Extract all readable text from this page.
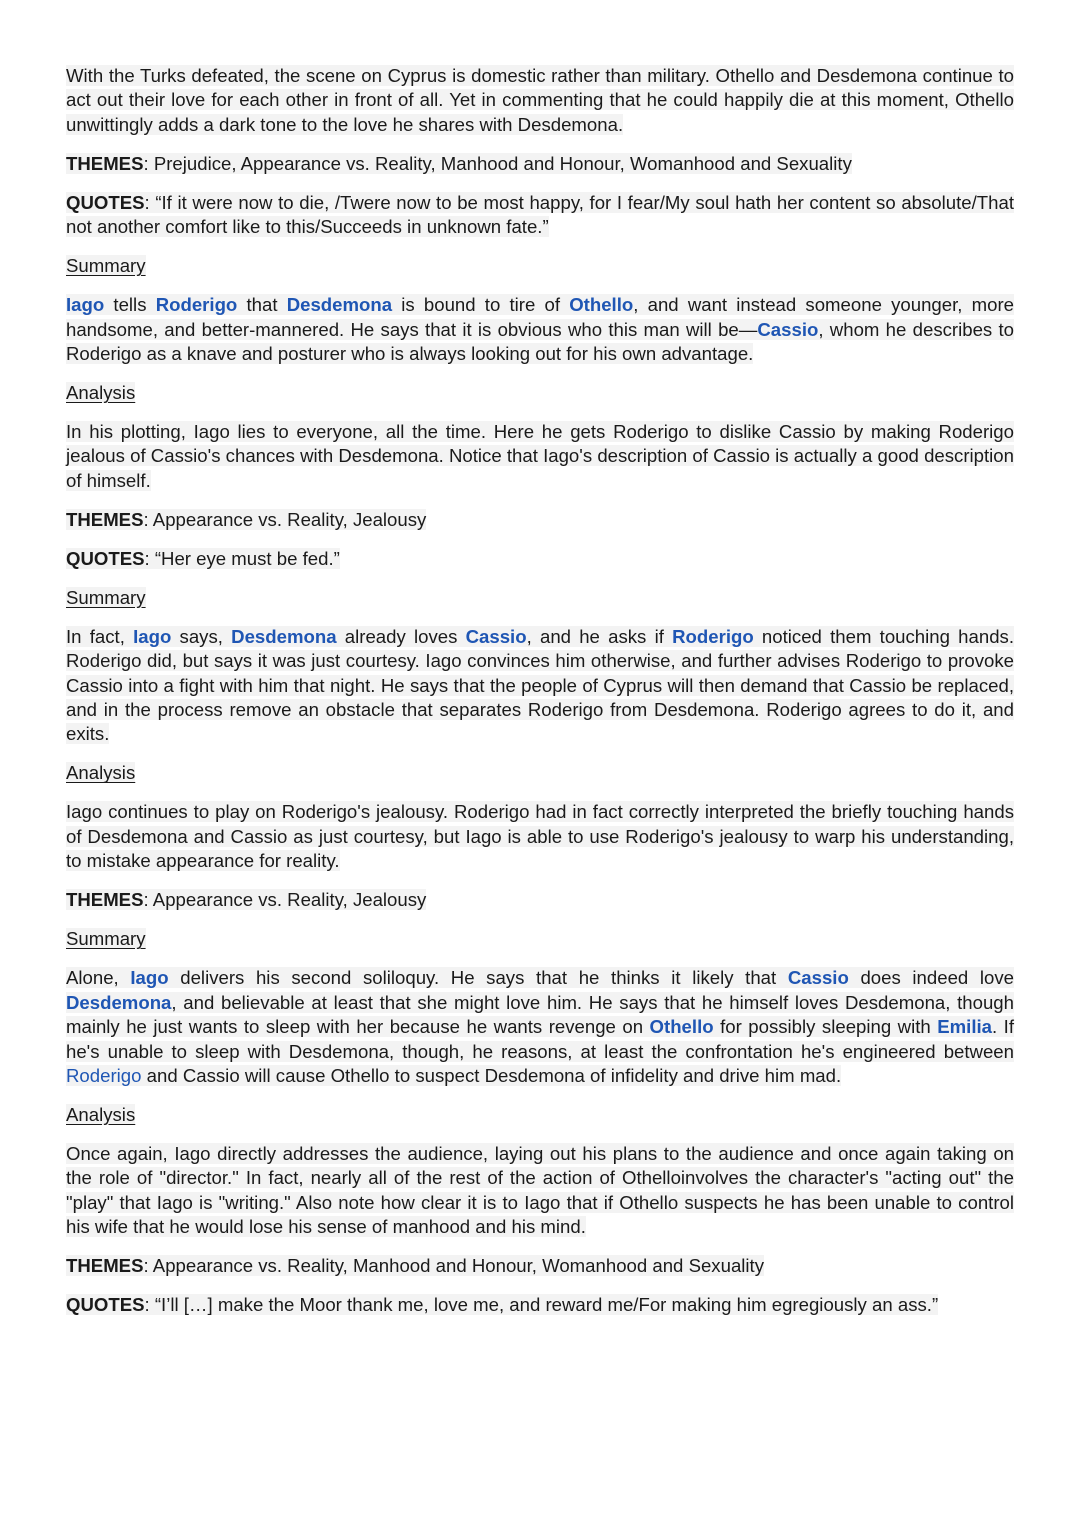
With the Turks defeated, the scene on Cyprus is domestic rather than military. Othello and Desdemona continue to act out their love for each other in front of all. Yet in commenting that he could happily die at this moment, Othello unwittingly adds a dark tone to the love he shares with Desdemona.

THEMES: Prejudice, Appearance vs. Reality, Manhood and Honour, Womanhood and Sexuality

QUOTES: “If it were now to die, /Twere now to be most happy, for I fear/My soul hath her content so absolute/That not another comfort like to this/Succeeds in unknown fate.”

Summary

Iago tells Roderigo that Desdemona is bound to tire of Othello, and want instead someone younger, more handsome, and better-mannered. He says that it is obvious who this man will be—Cassio, whom he describes to Roderigo as a knave and posturer who is always looking out for his own advantage.

Analysis

In his plotting, Iago lies to everyone, all the time. Here he gets Roderigo to dislike Cassio by making Roderigo jealous of Cassio's chances with Desdemona. Notice that Iago's description of Cassio is actually a good description of himself.

THEMES: Appearance vs. Reality, Jealousy

QUOTES: “Her eye must be fed.”

Summary

In fact, Iago says, Desdemona already loves Cassio, and he asks if Roderigo noticed them touching hands. Roderigo did, but says it was just courtesy. Iago convinces him otherwise, and further advises Roderigo to provoke Cassio into a fight with him that night. He says that the people of Cyprus will then demand that Cassio be replaced, and in the process remove an obstacle that separates Roderigo from Desdemona. Roderigo agrees to do it, and exits.

Analysis

Iago continues to play on Roderigo's jealousy. Roderigo had in fact correctly interpreted the briefly touching hands of Desdemona and Cassio as just courtesy, but Iago is able to use Roderigo's jealousy to warp his understanding, to mistake appearance for reality.

THEMES: Appearance vs. Reality, Jealousy

Summary

Alone, Iago delivers his second soliloquy. He says that he thinks it likely that Cassio does indeed love Desdemona, and believable at least that she might love him. He says that he himself loves Desdemona, though mainly he just wants to sleep with her because he wants revenge on Othello for possibly sleeping with Emilia. If he's unable to sleep with Desdemona, though, he reasons, at least the confrontation he's engineered between Roderigo and Cassio will cause Othello to suspect Desdemona of infidelity and drive him mad.

Analysis

Once again, Iago directly addresses the audience, laying out his plans to the audience and once again taking on the role of "director." In fact, nearly all of the rest of the action of Othelloinvolves the character's "acting out" the "play" that Iago is "writing." Also note how clear it is to Iago that if Othello suspects he has been unable to control his wife that he would lose his sense of manhood and his mind.

THEMES: Appearance vs. Reality, Manhood and Honour, Womanhood and Sexuality

QUOTES: “I’ll […] make the Moor thank me, love me, and reward me/For making him egregiously an ass.”
